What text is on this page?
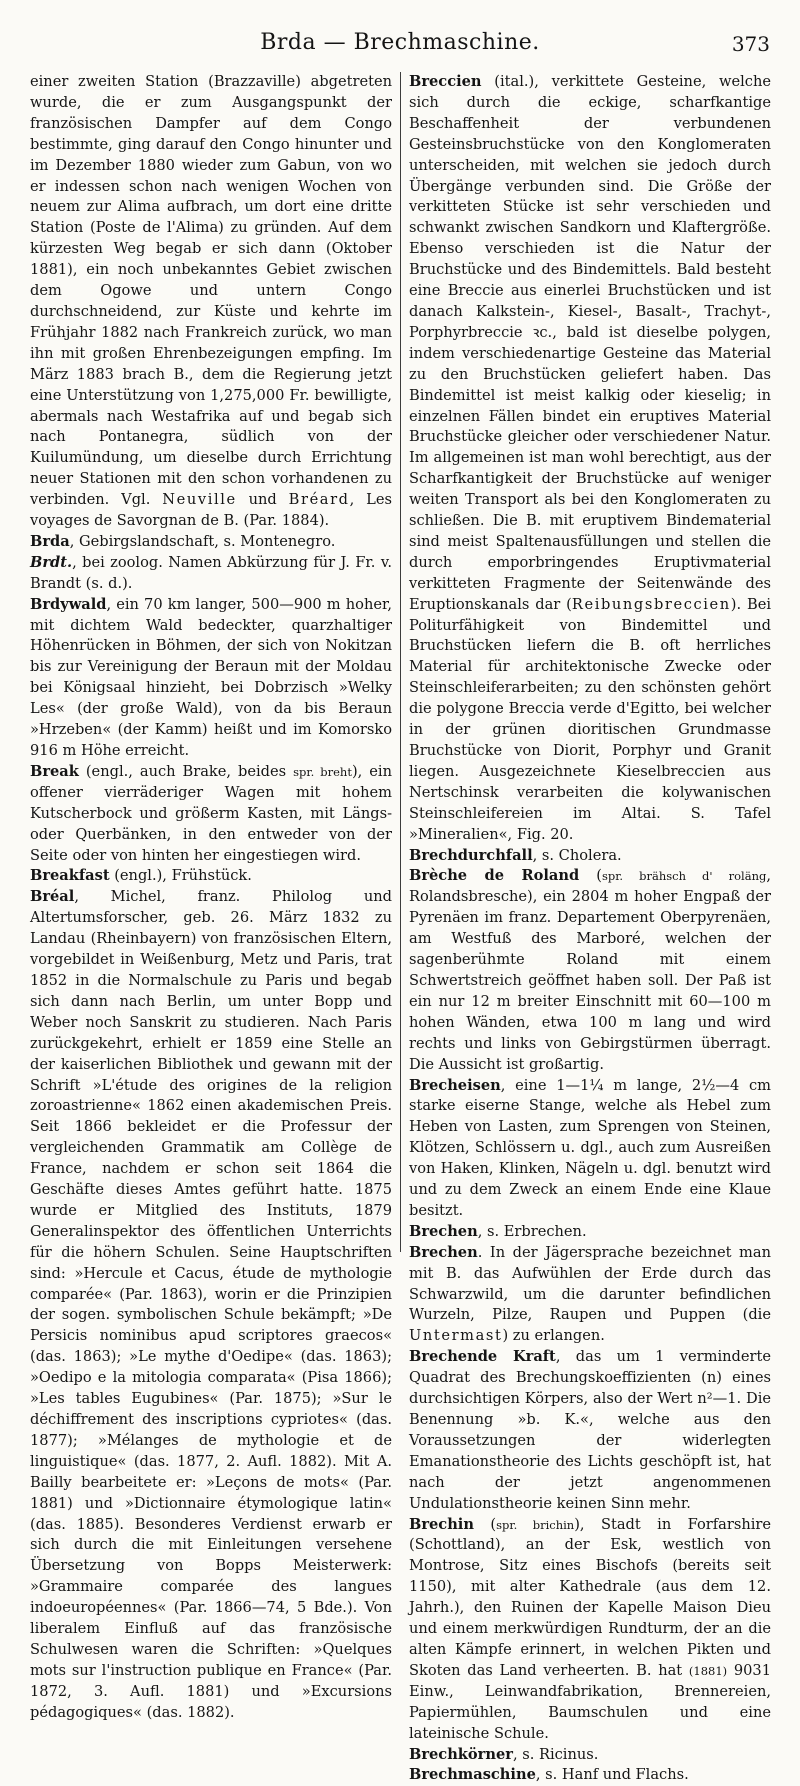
Brda — Brechmaschine.	373

einer zweiten Station (Brazzaville) abgetreten wurde, die er zum Ausgangspunkt der französischen Dampfer auf dem Congo bestimmte, ging darauf den Congo hinunter und im Dezember 1880 wieder zum Gabun, von wo er indessen schon nach wenigen Wochen von neuem zur Alima aufbrach, um dort eine dritte Station (Poste de l'Alima) zu gründen. Auf dem kürzesten Weg begab er sich dann (Oktober 1881), ein noch unbekanntes Gebiet zwischen dem Ogowe und untern Congo durchschneidend, zur Küste und kehrte im Frühjahr 1882 nach Frankreich zurück, wo man ihn mit großen Ehrenbezeigungen empfing. Im März 1883 brach B., dem die Regierung jetzt eine Unterstützung von 1,275,000 Fr. bewilligte, abermals nach Westafrika auf und begab sich nach Pontanegra, südlich von der Kuilumündung, um dieselbe durch Errichtung neuer Stationen mit den schon vorhandenen zu verbinden. Vgl. Neuville und Bréard, Les voyages de Savorgnan de B. (Par. 1884).

Brda, Gebirgslandschaft, s. Montenegro.

Brdt., bei zoolog. Namen Abkürzung für J. Fr. v. Brandt (s. d.).

Brdywald, ein 70 km langer, 500—900 m hoher, mit dichtem Wald bedeckter, quarzhaltiger Höhenrücken in Böhmen, der sich von Nokitzan bis zur Vereinigung der Beraun mit der Moldau bei Königsaal hinzieht, bei Dobrzisch »Welky Les« (der große Wald), von da bis Beraun »Hrzeben« (der Kamm) heißt und im Komorsko 916 m Höhe erreicht.

Break (engl., auch Brake, beides spr. breht), ein offener vierräderiger Wagen mit hohem Kutscherbock und größerm Kasten, mit Längs- oder Querbänken, in den entweder von der Seite oder von hinten her eingestiegen wird.

Breakfast (engl.), Frühstück.

Bréal, Michel, franz. Philolog und Altertumsforscher, geb. 26. März 1832 zu Landau (Rheinbayern) von französischen Eltern, vorgebildet in Weißenburg, Metz und Paris, trat 1852 in die Normalschule zu Paris und begab sich dann nach Berlin, um unter Bopp und Weber noch Sanskrit zu studieren. Nach Paris zurückgekehrt, erhielt er 1859 eine Stelle an der kaiserlichen Bibliothek und gewann mit der Schrift »L'étude des origines de la religion zoroastrienne« 1862 einen akademischen Preis. Seit 1866 bekleidet er die Professur der vergleichenden Grammatik am Collège de France, nachdem er schon seit 1864 die Geschäfte dieses Amtes geführt hatte. 1875 wurde er Mitglied des Instituts, 1879 Generalinspektor des öffentlichen Unterrichts für die höhern Schulen. Seine Hauptschriften sind: »Hercule et Cacus, étude de mythologie comparée« (Par. 1863), worin er die Prinzipien der sogen. symbolischen Schule bekämpft; »De Persicis nominibus apud scriptores graecos« (das. 1863); »Le mythe d'Oedipe« (das. 1863); »Oedipo e la mitologia comparata« (Pisa 1866); »Les tables Eugubines« (Par. 1875); »Sur le déchiffrement des inscriptions cypriotes« (das. 1877); »Mélanges de mythologie et de linguistique« (das. 1877, 2. Aufl. 1882). Mit A. Bailly bearbeitete er: »Leçons de mots« (Par. 1881) und »Dictionnaire étymologique latin« (das. 1885). Besonderes Verdienst erwarb er sich durch die mit Einleitungen versehene Übersetzung von Bopps Meisterwerk: »Grammaire comparée des langues indoeuropéennes« (Par. 1866—74, 5 Bde.). Von liberalem Einfluß auf das französische Schulwesen waren die Schriften: »Quelques mots sur l'instruction publique en France« (Par. 1872, 3. Aufl. 1881) und »Excursions pédagogiques« (das. 1882).

Breccien (ital.), verkittete Gesteine, welche sich durch die eckige, scharfkantige Beschaffenheit der verbundenen Gesteinsbruchstücke von den Konglomeraten unterscheiden, mit welchen sie jedoch durch Übergänge verbunden sind. Die Größe der verkitteten Stücke ist sehr verschieden und schwankt zwischen Sandkorn und Klaftergröße. Ebenso verschieden ist die Natur der Bruchstücke und des Bindemittels. Bald besteht eine Breccie aus einerlei Bruchstücken und ist danach Kalkstein-, Kiesel-, Basalt-, Trachyt-, Porphyrbreccie ꝛc., bald ist dieselbe polygen, indem verschiedenartige Gesteine das Material zu den Bruchstücken geliefert haben. Das Bindemittel ist meist kalkig oder kieselig; in einzelnen Fällen bindet ein eruptives Material Bruchstücke gleicher oder verschiedener Natur. Im allgemeinen ist man wohl berechtigt, aus der Scharfkantigkeit der Bruchstücke auf weniger weiten Transport als bei den Konglomeraten zu schließen. Die B. mit eruptivem Bindematerial sind meist Spaltenausfüllungen und stellen die durch emporbringendes Eruptivmaterial verkitteten Fragmente der Seitenwände des Eruptionskanals dar (Reibungsbreccien). Bei Politurfähigkeit von Bindemittel und Bruchstücken liefern die B. oft herrliches Material für architektonische Zwecke oder Steinschleiferarbeiten; zu den schönsten gehört die polygone Breccia verde d'Egitto, bei welcher in der grünen dioritischen Grundmasse Bruchstücke von Diorit, Porphyr und Granit liegen. Ausgezeichnete Kieselbreccien aus Nertschinsk verarbeiten die kolywanischen Steinschleifereien im Altai. S. Tafel »Mineralien«, Fig. 20.

Brechdurchfall, s. Cholera.

Brèche de Roland (spr. brähsch d' roläng, Rolandsbresche), ein 2804 m hoher Engpaß der Pyrenäen im franz. Departement Oberpyrenäen, am Westfuß des Marboré, welchen der sagenberühmte Roland mit einem Schwertstreich geöffnet haben soll. Der Paß ist ein nur 12 m breiter Einschnitt mit 60—100 m hohen Wänden, etwa 100 m lang und wird rechts und links von Gebirgstürmen überragt. Die Aussicht ist großartig.

Brecheisen, eine 1—1¼ m lange, 2½—4 cm starke eiserne Stange, welche als Hebel zum Heben von Lasten, zum Sprengen von Steinen, Klötzen, Schlössern u. dgl., auch zum Ausreißen von Haken, Klinken, Nägeln u. dgl. benutzt wird und zu dem Zweck an einem Ende eine Klaue besitzt.

Brechen, s. Erbrechen.

Brechen. In der Jägersprache bezeichnet man mit B. das Aufwühlen der Erde durch das Schwarzwild, um die darunter befindlichen Wurzeln, Pilze, Raupen und Puppen (die Untermast) zu erlangen.

Brechende Kraft, das um 1 verminderte Quadrat des Brechungskoeffizienten (n) eines durchsichtigen Körpers, also der Wert n²—1. Die Benennung »b. K.«, welche aus den Voraussetzungen der widerlegten Emanationstheorie des Lichts geschöpft ist, hat nach der jetzt angenommenen Undulationstheorie keinen Sinn mehr.

Brechin (spr. brichin), Stadt in Forfarshire (Schottland), an der Esk, westlich von Montrose, Sitz eines Bischofs (bereits seit 1150), mit alter Kathedrale (aus dem 12. Jahrh.), den Ruinen der Kapelle Maison Dieu und einem merkwürdigen Rundturm, der an die alten Kämpfe erinnert, in welchen Pikten und Skoten das Land verheerten. B. hat (1881) 9031 Einw., Leinwandfabrikation, Brennereien, Papiermühlen, Baumschulen und eine lateinische Schule.

Brechkörner, s. Ricinus.

Brechmaschine, s. Hanf und Flachs.
